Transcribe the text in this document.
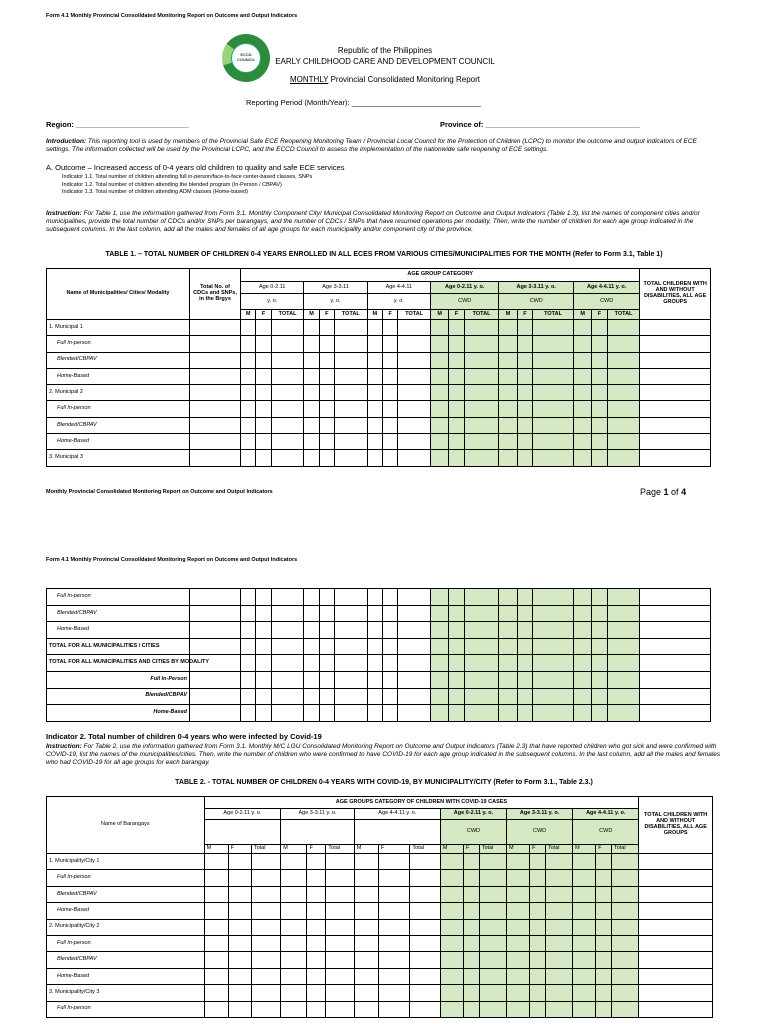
Form 4.1 Monthly Provincial Consolidated Monitoring Report on Outcome and Output Indicators
ECCD COUNCIL
Republic of the Philippines
EARLY CHILDHOOD CARE AND DEVELOPMENT COUNCIL
MONTHLY Provincial Consolidated Monitoring Report
Reporting Period (Month/Year): _______________________________
Region: ___________________________	Province of: _____________________________________
Introduction: This reporting tool is used by members of the Provincial Safe ECE Reopening Monitoring Team / Provincial Local Council for the Protection of Children (LCPC) to monitor the outcome and output indicators of ECE settings. The information collected will be used by the Provincial LCPC, and the ECCD Council to assess the implementation of the nationwide safe reopening of ECE settings.
A. Outcome – Increased access of 0-4 years old children to quality and safe ECE services
Indicator 1.1. Total number of children attending full in-person/face-to-face center-based classes, SNPs
Indicator 1.2. Total number of children attending the blended program (In-Person / CBPAV)
Indicator 1.3. Total number of children attending ADM classes (Home-based)
Instruction: For Table 1, use the information gathered from Form 3.1. Monthly Component City/ Municipal Consolidated Monitoring Report on Outcome and Output Indicators (Table 1.3), list the names of component cities and/or municipalities, provide the total number of CDCs and/or SNPs per barangays, and the number of CDCs / SNPs that have resumed operations per modality. Then, write the number of children for each age group indicated in the subsequent columns. In the last column, add all the males and females of all age groups for each municipality and/or component city of the province.
TABLE 1. – TOTAL NUMBER OF CHILDREN 0-4 YEARS ENROLLED IN ALL ECES FROM VARIOUS CITIES/MUNICIPALITIES FOR THE MONTH (Refer to Form 3.1, Table 1)
Name of Municipalities/ Cities/ Modality	Total No. of CDCs and SNPs, in the Brgys	AGE GROUP CATEGORY																		TOTAL CHILDREN WITH AND WITHOUT DISABILITIES, ALL AGE GROUPS
		Age 0-2.11			Age 3-3.11			Age 4-4.11			Age 0-2.11 y. o.			Age 3-3.11 y. o.			Age 4-4.11 y. o.			
		y. o.			y. o.			y. o.			CWD			CWD			CWD			
		M	F	TOTAL	M	F	TOTAL	M	F	TOTAL	M	F	TOTAL	M	F	TOTAL	M	F	TOTAL	
1. Municipal 1																				
Full In-person																				
Blended/CBPAV																				
Home-Based																				
2. Municipal 2																				
Full In-person																				
Blended/CBPAV																				
Home-Based																				
3. Municipal 3																				
Monthly Provincial Consolidated Monitoring Report on Outcome and Output Indicators	Page 1 of 4
Form 4.1 Monthly Provincial Consolidated Monitoring Report on Outcome and Output Indicators
Full In-person																				
Blended/CBPAV																				
Home-Based																				
TOTAL FOR ALL MUNICIPALITIES / CITIES																				
TOTAL FOR ALL MUNICIPALITIES AND CITIES BY MODALITY																				
Full In-Person																				
Blended/CBPAV																				
Home-Based																				
Indicator 2. Total number of children 0-4 years who were infected by Covid-19
Instruction: For Table 2, use the information gathered from Form 3.1. Monthly M/C LGU Consolidated Monitoring Report on Outcome and Output Indicators (Table 2.3) that have reported children who got sick and were confirmed with COVID-19, list the names of the municipalities/cities. Then, write the number of children who were confirmed to have COVID-19 for each age group indicated in the subsequent columns. In the last column, add all the males and females who had COVID-19 for all age groups for each barangay.
TABLE 2. - TOTAL NUMBER OF CHILDREN 0-4 YEARS WITH COVID-19, BY MUNICIPALITY/CITY (Refer to Form 3.1., Table 2.3.)
Name of Barangays	AGE GROUPS CATEGORY OF CHILDREN WITH COVID-19 CASES																		TOTAL CHILDREN WITH AND WITHOUT DISABILITIES, ALL AGE GROUPS
	Age 0-2.11 y. o.			Age 3-3.11 y. o.			Age 4-4.11 y. o.			Age 0-2.11 y. o.			Age 3-3.11 y. o.			Age 4-4.11 y. o.			
										CWD			CWD			CWD			
	M	F	Total	M	F	Total	M	F	Total	M	F	Total	M	F	Total	M	F	Total	
1. Municipality/City 1																			
Full In-person																			
Blended/CBPAV																			
Home-Based																			
2. Municipality/City 2																			
Full In-person																			
Blended/CBPAV																			
Home-Based																			
3. Municipality/City 3																			
Full In-person																			
